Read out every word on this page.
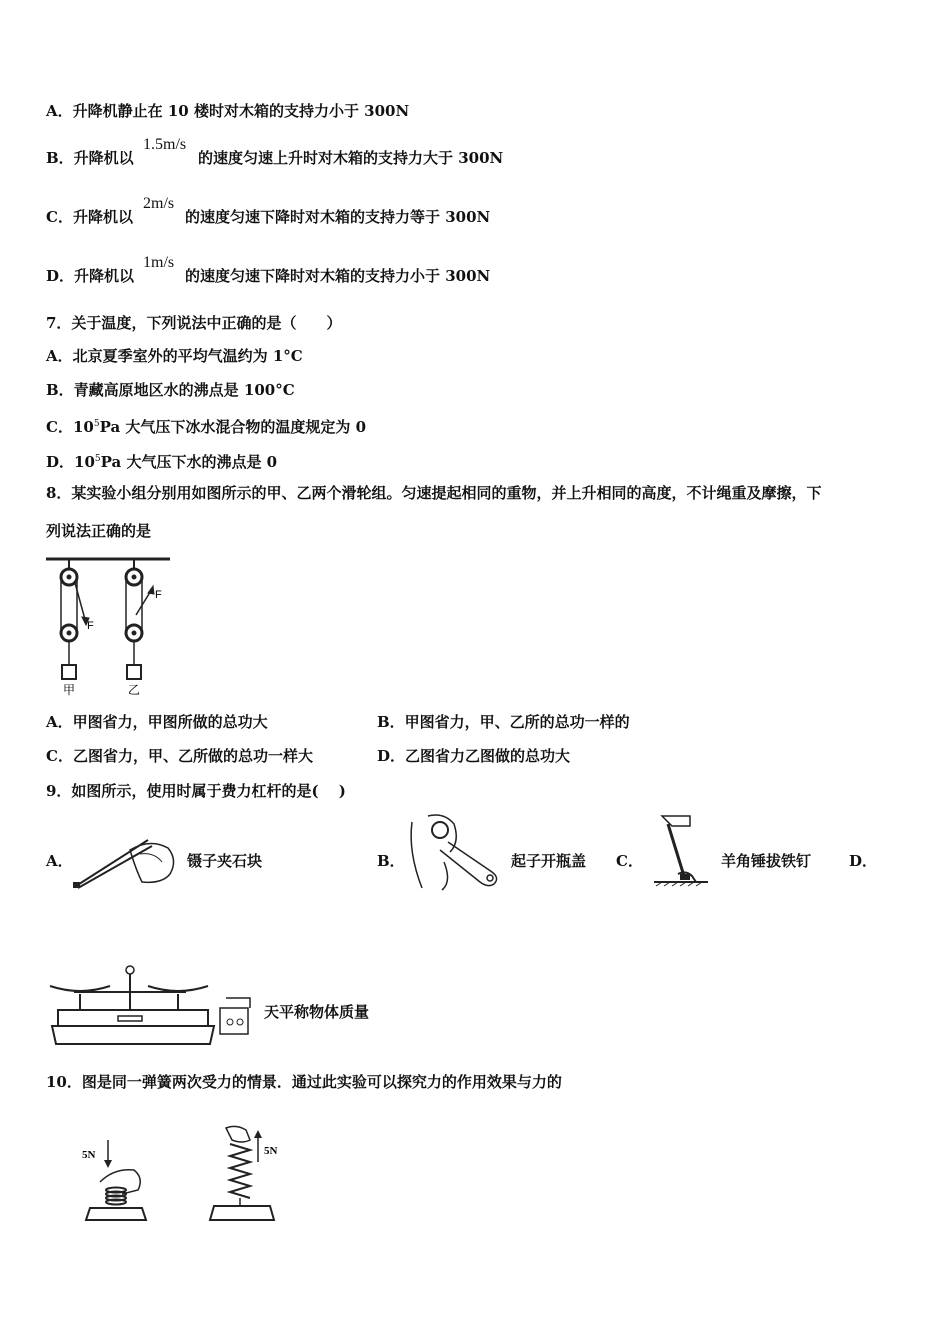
A．升降机静止在 10 楼时对木箱的支持力小于 300N
B．升降机以
1.5m/s
的速度匀速上升时对木箱的支持力大于 300N
C．升降机以
2m/s
的速度匀速下降时对木箱的支持力等于 300N
D．升降机以
1m/s
的速度匀速下降时对木箱的支持力小于 300N
7．关于温度，下列说法中正确的是（　　）
A．北京夏季室外的平均气温约为 1°C
B．青藏高原地区水的沸点是 100°C
C．$10^5Pa$ 大气压下冰水混合物的温度规定为 0
D．$10^5Pa$ 大气压下水的沸点是 0
8．某实验小组分别用如图所示的甲、乙两个滑轮组。匀速提起相同的重物，并上升相同的高度，不计绳重及摩擦，下
列说法正确的是
F
F
甲	乙
A．甲图省力，甲图所做的总功大	B．甲图省力，甲、乙所的总功一样的
C．乙图省力，甲、乙所做的总功一样大	D．乙图省力乙图做的总功大
9．如图所示，使用时属于费力杠杆的是(　 )
A．	镊子夹石块	B．	起子开瓶盖 C．	羊角锤拔铁钉	D．
天平称物体质量
10．图是同一弹簧两次受力的情景．通过此实验可以探究力的作用效果与力的
5N	5N
